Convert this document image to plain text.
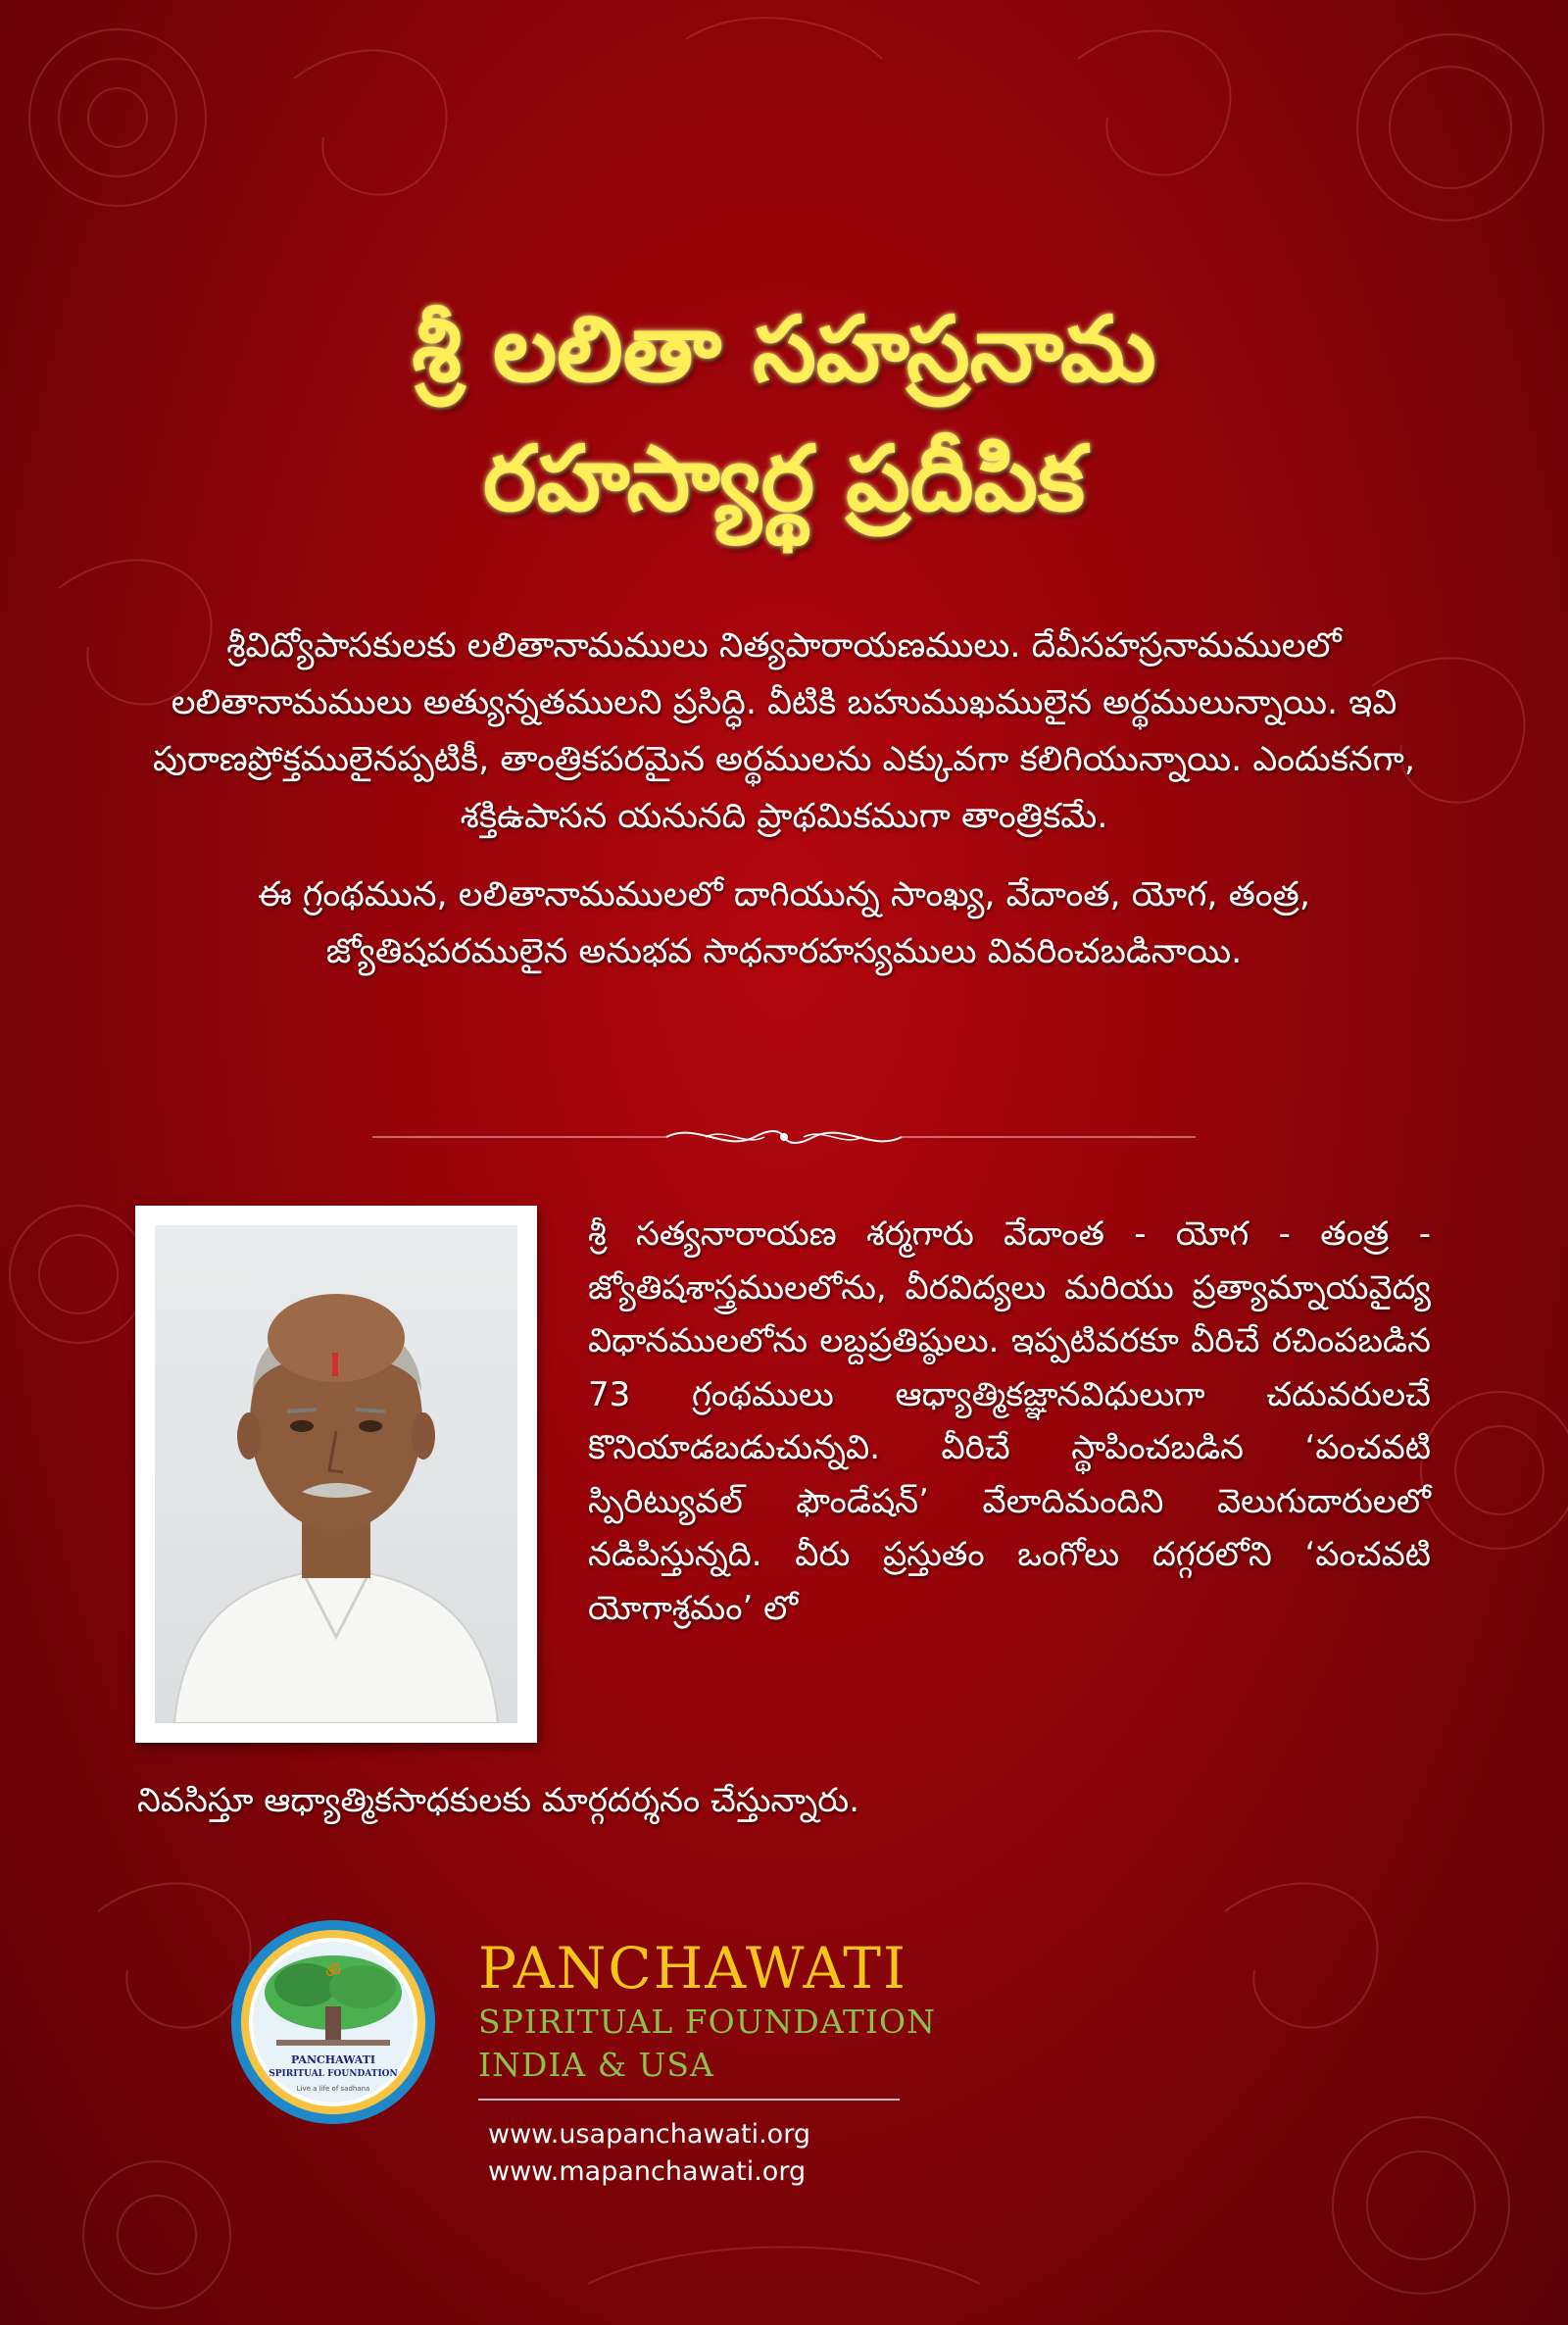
శ్రీ లలితా సహస్రనామ
రహస్యార్థ ప్రదీపిక

శ్రీవిద్యోపాసకులకు లలితానామములు నిత్యపారాయణములు. దేవీసహస్రనామములలో లలితానామములు అత్యున్నతములని ప్రసిద్ధి. వీటికి బహుముఖములైన అర్థములున్నాయి. ఇవి పురాణప్రోక్తములైనప్పటికీ, తాంత్రికపరమైన అర్థములను ఎక్కువగా కలిగియున్నాయి. ఎందుకనగా, శక్తిఉపాసన యనునది ప్రాథమికముగా తాంత్రికమే.

ఈ గ్రంథమున, లలితానామములలో దాగియున్న సాంఖ్య, వేదాంత, యోగ, తంత్ర, జ్యోతిషపరములైన అనుభవ సాధనారహస్యములు వివరించబడినాయి.

శ్రీ సత్యనారాయణ శర్మగారు వేదాంత - యోగ - తంత్ర - జ్యోతిషశాస్త్రములలోను, వీరవిద్యలు మరియు ప్రత్యామ్నాయవైద్య విధానములలోను లబ్దప్రతిష్ఠులు. ఇప్పటివరకూ వీరిచే రచింపబడిన 73 గ్రంథములు ఆధ్యాత్మికజ్ఞానవిధులుగా చదువరులచే కొనియాడబడుచున్నవి. వీరిచే స్థాపించబడిన ‘పంచవటి స్పిరిట్యువల్ ఫౌండేషన్’ వేలాదిమందిని వెలుగుదారులలో నడిపిస్తున్నది. వీరు ప్రస్తుతం ఒంగోలు దగ్గరలోని ‘పంచవటి యోగాశ్రమం’ లో
నివసిస్తూ ఆధ్యాత్మికసాధకులకు మార్గదర్శనం చేస్తున్నారు.
ॐ
PANCHAWATI
SPIRITUAL FOUNDATION
Live a life of sadhana
PANCHAWATI
SPIRITUAL FOUNDATION
INDIA & USA
www.usapanchawati.org
www.mapanchawati.org
